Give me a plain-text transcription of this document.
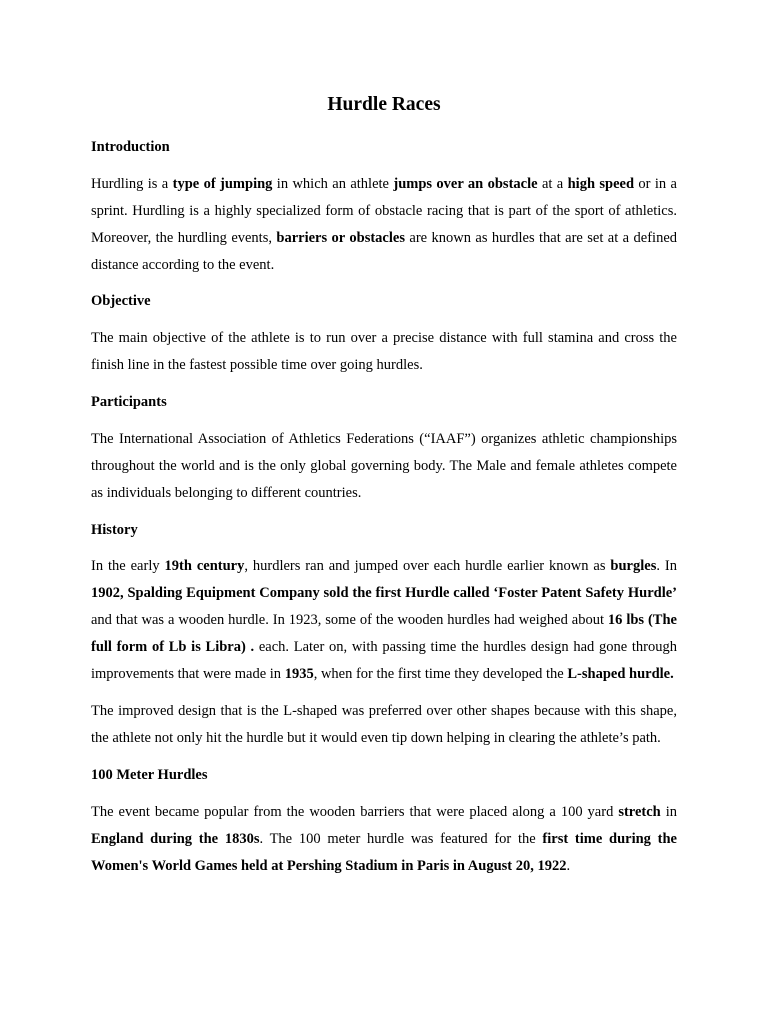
Hurdle Races

Introduction

Hurdling is a type of jumping in which an athlete jumps over an obstacle at a high speed or in a sprint. Hurdling is a highly specialized form of obstacle racing that is part of the sport of athletics. Moreover, the hurdling events, barriers or obstacles are known as hurdles that are set at a defined distance according to the event.

Objective

The main objective of the athlete is to run over a precise distance with full stamina and cross the finish line in the fastest possible time over going hurdles.

Participants

The International Association of Athletics Federations (“IAAF”) organizes athletic championships throughout the world and is the only global governing body. The Male and female athletes compete as individuals belonging to different countries.

History

In the early 19th century, hurdlers ran and jumped over each hurdle earlier known as burgles. In 1902, Spalding Equipment Company sold the first Hurdle called ‘Foster Patent Safety Hurdle’ and that was a wooden hurdle. In 1923, some of the wooden hurdles had weighed about 16 lbs (The full form of Lb is Libra) . each. Later on, with passing time the hurdles design had gone through improvements that were made in 1935, when for the first time they developed the L-shaped hurdle.

The improved design that is the L-shaped was preferred over other shapes because with this shape, the athlete not only hit the hurdle but it would even tip down helping in clearing the athlete’s path.

100 Meter Hurdles

The event became popular from the wooden barriers that were placed along a 100 yard stretch in England during the 1830s. The 100 meter hurdle was featured for the first time during the Women's World Games held at Pershing Stadium in Paris in August 20, 1922.
